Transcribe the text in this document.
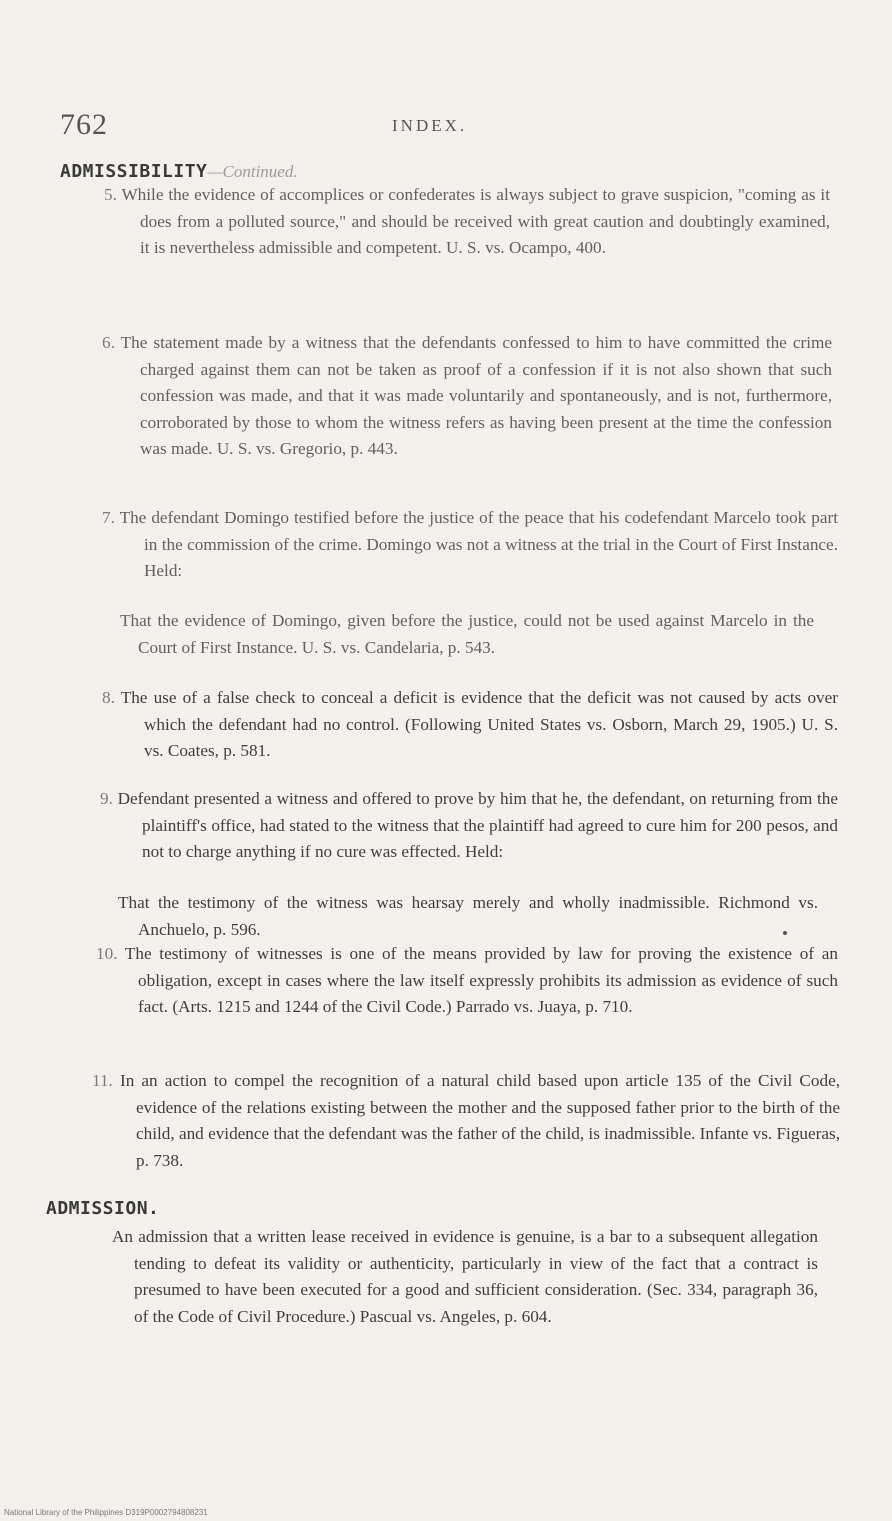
762	INDEX.
ADMISSIBILITY—Continued.
5. While the evidence of accomplices or confederates is always subject to grave suspicion, "coming as it does from a polluted source," and should be received with great caution and doubtingly examined, it is nevertheless admissible and competent. U. S. vs. Ocampo, 400.
6. The statement made by a witness that the defendants confessed to him to have committed the crime charged against them can not be taken as proof of a confession if it is not also shown that such confession was made, and that it was made voluntarily and spontaneously, and is not, furthermore, corroborated by those to whom the witness refers as having been present at the time the confession was made. U. S. vs. Gregorio, p. 443.
7. The defendant Domingo testified before the justice of the peace that his codefendant Marcelo took part in the commission of the crime. Domingo was not a witness at the trial in the Court of First Instance. Held:
That the evidence of Domingo, given before the justice, could not be used against Marcelo in the Court of First Instance. U. S. vs. Candelaria, p. 543.
8. The use of a false check to conceal a deficit is evidence that the deficit was not caused by acts over which the defendant had no control. (Following United States vs. Osborn, March 29, 1905.) U. S. vs. Coates, p. 581.
9. Defendant presented a witness and offered to prove by him that he, the defendant, on returning from the plaintiff's office, had stated to the witness that the plaintiff had agreed to cure him for 200 pesos, and not to charge anything if no cure was effected. Held:
That the testimony of the witness was hearsay merely and wholly inadmissible. Richmond vs. Anchuelo, p. 596.
10. The testimony of witnesses is one of the means provided by law for proving the existence of an obligation, except in cases where the law itself expressly prohibits its admission as evidence of such fact. (Arts. 1215 and 1244 of the Civil Code.) Parrado vs. Juaya, p. 710.
11. In an action to compel the recognition of a natural child based upon article 135 of the Civil Code, evidence of the relations existing between the mother and the supposed father prior to the birth of the child, and evidence that the defendant was the father of the child, is inadmissible. Infante vs. Figueras, p. 738.
ADMISSION.
An admission that a written lease received in evidence is genuine, is a bar to a subsequent allegation tending to defeat its validity or authenticity, particularly in view of the fact that a contract is presumed to have been executed for a good and sufficient consideration. (Sec. 334, paragraph 36, of the Code of Civil Procedure.) Pascual vs. Angeles, p. 604.
National Library of the Philippines D319P0002794808231
